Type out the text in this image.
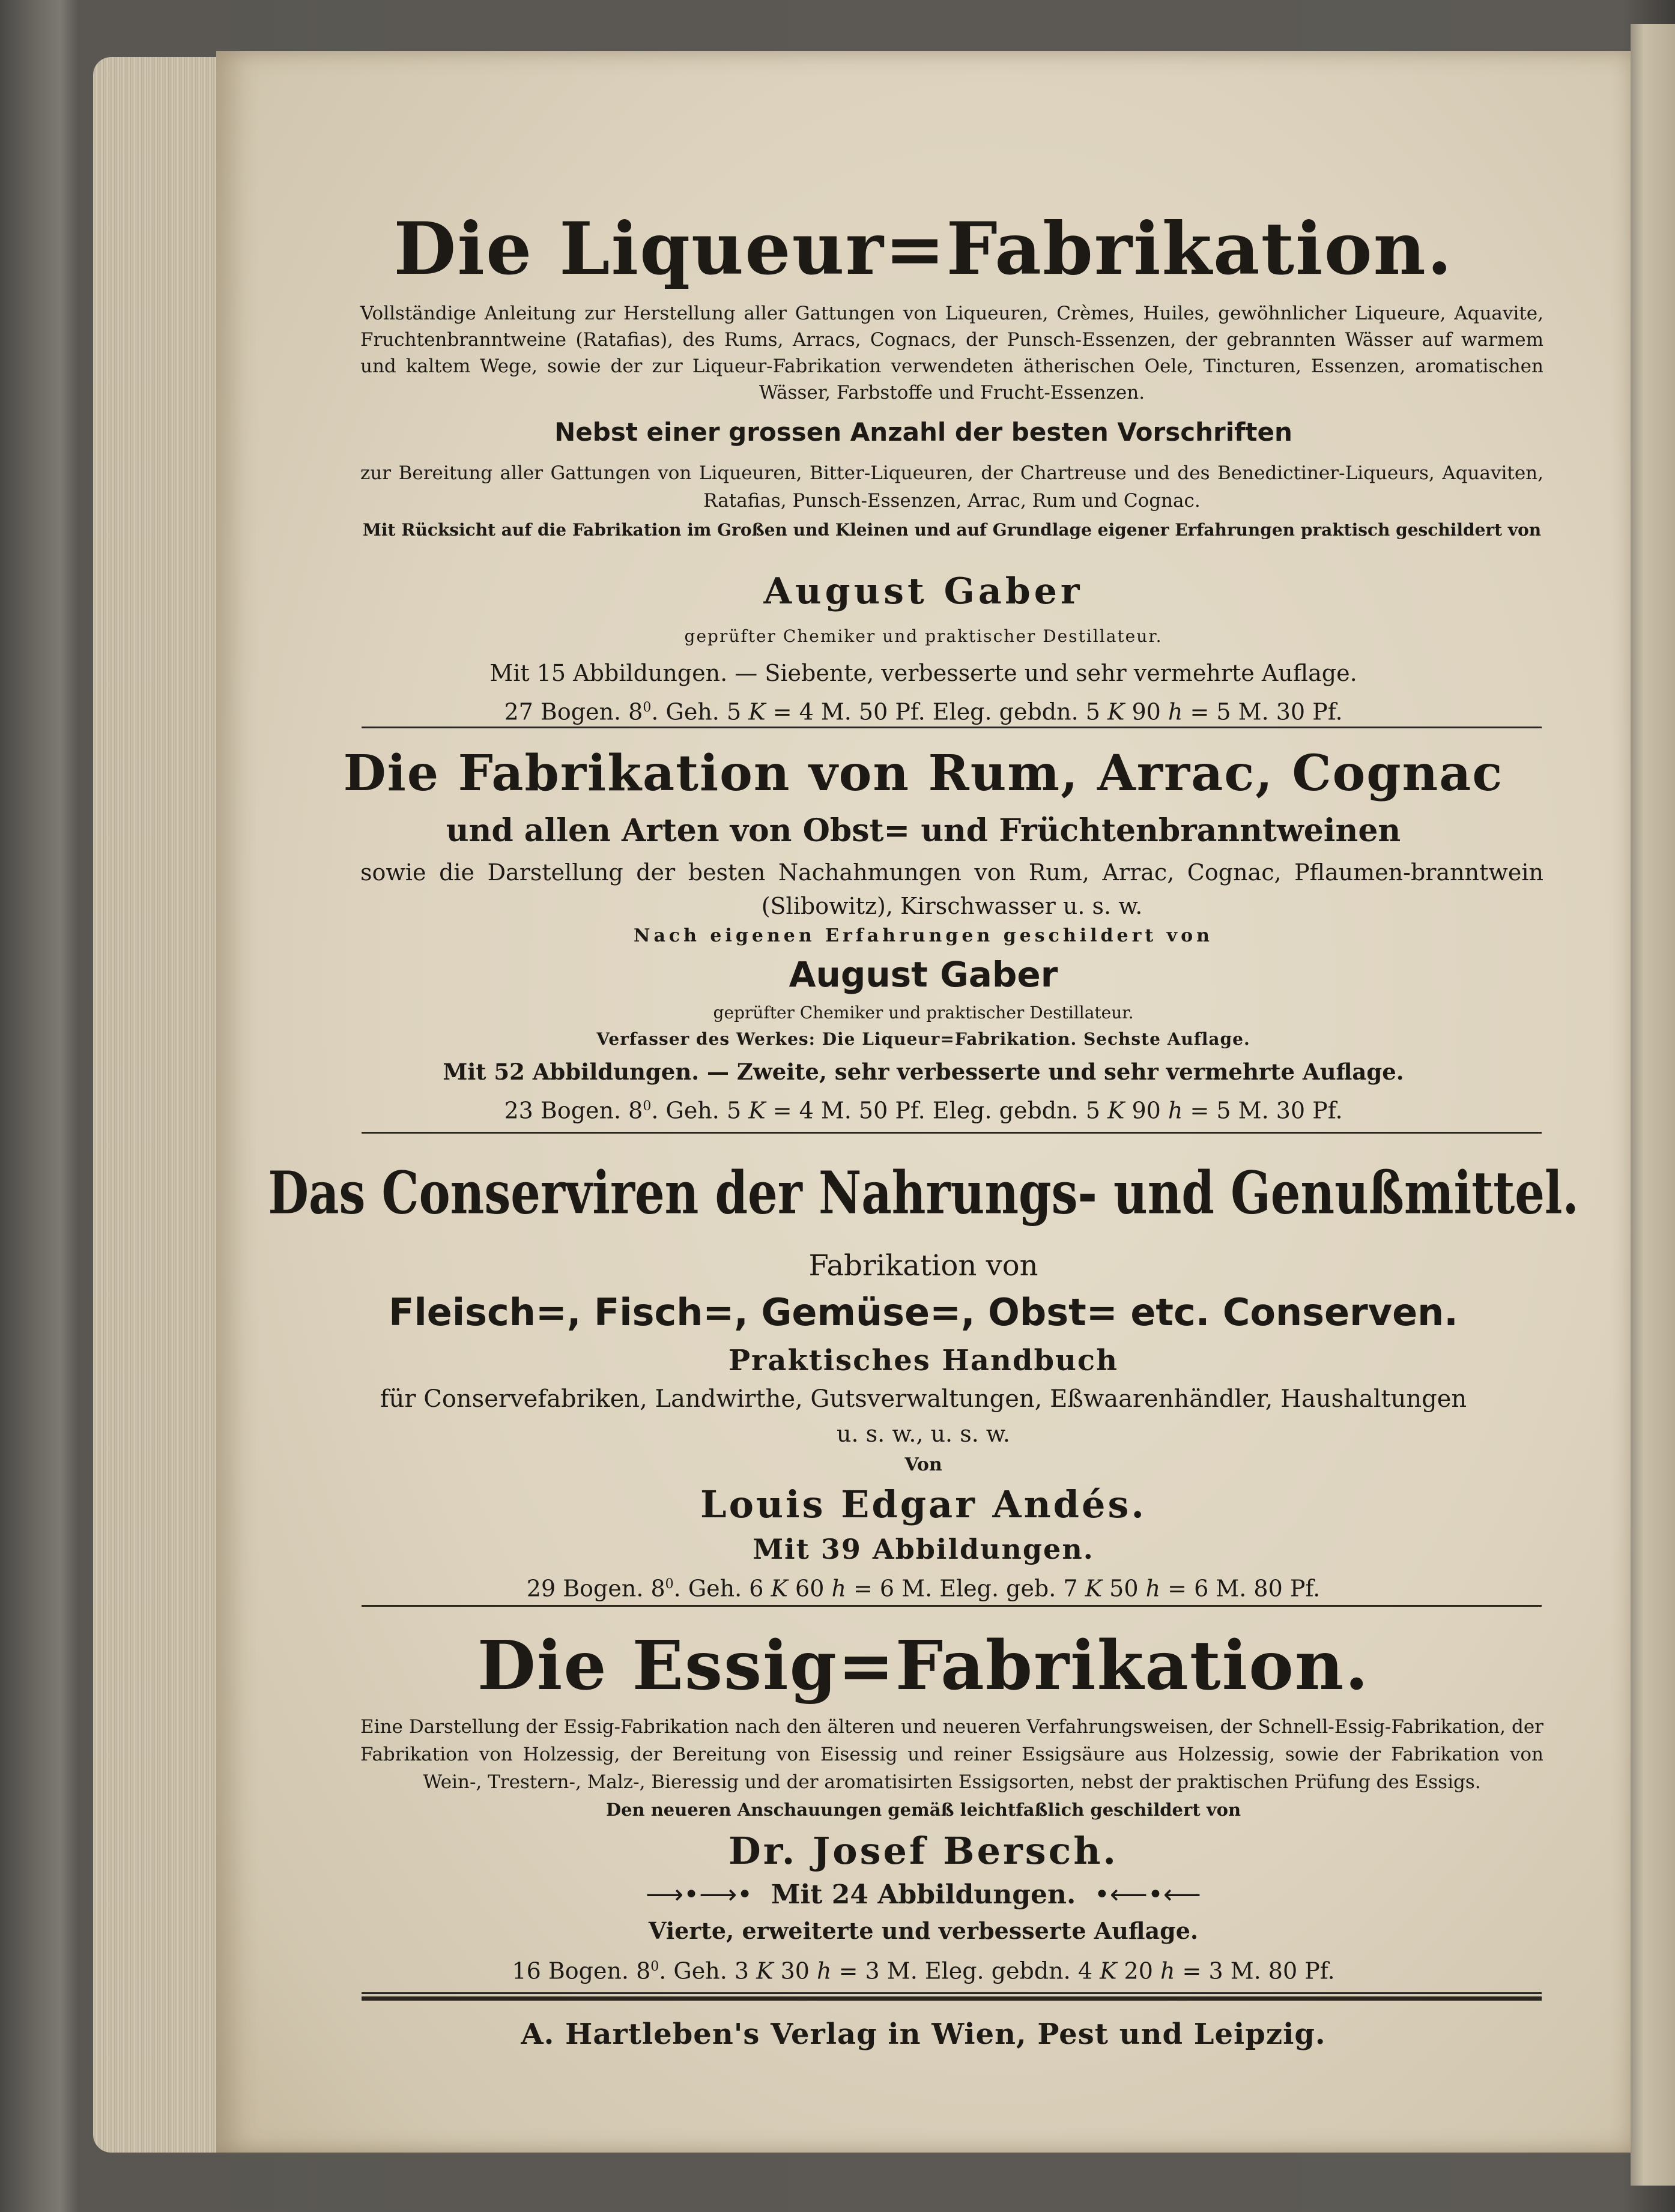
Die Liqueur=Fabrikation.

Vollständige Anleitung zur Herstellung aller Gattungen von Liqueuren, Crèmes, Huiles, gewöhnlicher Liqueure, Aquavite, Fruchtenbranntweine (Ratafias), des Rums, Arracs, Cognacs, der Punsch-Essenzen, der gebrannten Wässer auf warmem und kaltem Wege, sowie der zur Liqueur-Fabrikation verwendeten ätherischen Oele, Tincturen, Essenzen, aromatischen Wässer, Farbstoffe und Frucht-Essenzen.

Nebst einer grossen Anzahl der besten Vorschriften

zur Bereitung aller Gattungen von Liqueuren, Bitter-Liqueuren, der Chartreuse und des Benedictiner-Liqueurs, Aquaviten, Ratafias, Punsch-Essenzen, Arrac, Rum und Cognac.

Mit Rücksicht auf die Fabrikation im Großen und Kleinen und auf Grundlage eigener Erfahrungen praktisch geschildert von

August Gaber
geprüfter Chemiker und praktischer Destillateur.
Mit 15 Abbildungen. — Siebente, verbesserte und sehr vermehrte Auflage.
27 Bogen. $8^0$. Geh. 5 K = 4 M. 50 Pf. Eleg. gebdn. 5 K 90 h = 5 M. 30 Pf.
Die Fabrikation von Rum, Arrac, Cognac
und allen Arten von Obst= und Früchtenbranntweinen

sowie die Darstellung der besten Nachahmungen von Rum, Arrac, Cognac, Pflaumen-branntwein (Slibowitz), Kirschwasser u. s. w.

Nach eigenen Erfahrungen geschildert von
August Gaber
geprüfter Chemiker und praktischer Destillateur.
Verfasser des Werkes: Die Liqueur=Fabrikation. Sechste Auflage.
Mit 52 Abbildungen. — Zweite, sehr verbesserte und sehr vermehrte Auflage.
23 Bogen. $8^0$. Geh. 5 K = 4 M. 50 Pf. Eleg. gebdn. 5 K 90 h = 5 M. 30 Pf.
Das Conserviren der Nahrungs- und Genußmittel.
Fabrikation von
Fleisch=, Fisch=, Gemüse=, Obst= etc. Conserven.
Praktisches Handbuch
für Conservefabriken, Landwirthe, Gutsverwaltungen, Eßwaarenhändler, Haushaltungen
u. s. w., u. s. w.
Von
Louis Edgar Andés.
Mit 39 Abbildungen.
29 Bogen. $8^0$. Geh. 6 K 60 h = 6 M. Eleg. geb. 7 K 50 h = 6 M. 80 Pf.
Die Essig=Fabrikation.

Eine Darstellung der Essig-Fabrikation nach den älteren und neueren Verfahrungsweisen, der Schnell-Essig-Fabrikation, der Fabrikation von Holzessig, der Bereitung von Eisessig und reiner Essigsäure aus Holzessig, sowie der Fabrikation von Wein-, Trestern-, Malz-, Bieressig und der aromatisirten Essigsorten, nebst der praktischen Prüfung des Essigs.

Den neueren Anschauungen gemäß leichtfaßlich geschildert von
Dr. Josef Bersch.
⟶•⟶• Mit 24 Abbildungen. •⟵•⟵
Vierte, erweiterte und verbesserte Auflage.
16 Bogen. $8^0$. Geh. 3 K 30 h = 3 M. Eleg. gebdn. 4 K 20 h = 3 M. 80 Pf.
A. Hartleben's Verlag in Wien, Pest und Leipzig.
